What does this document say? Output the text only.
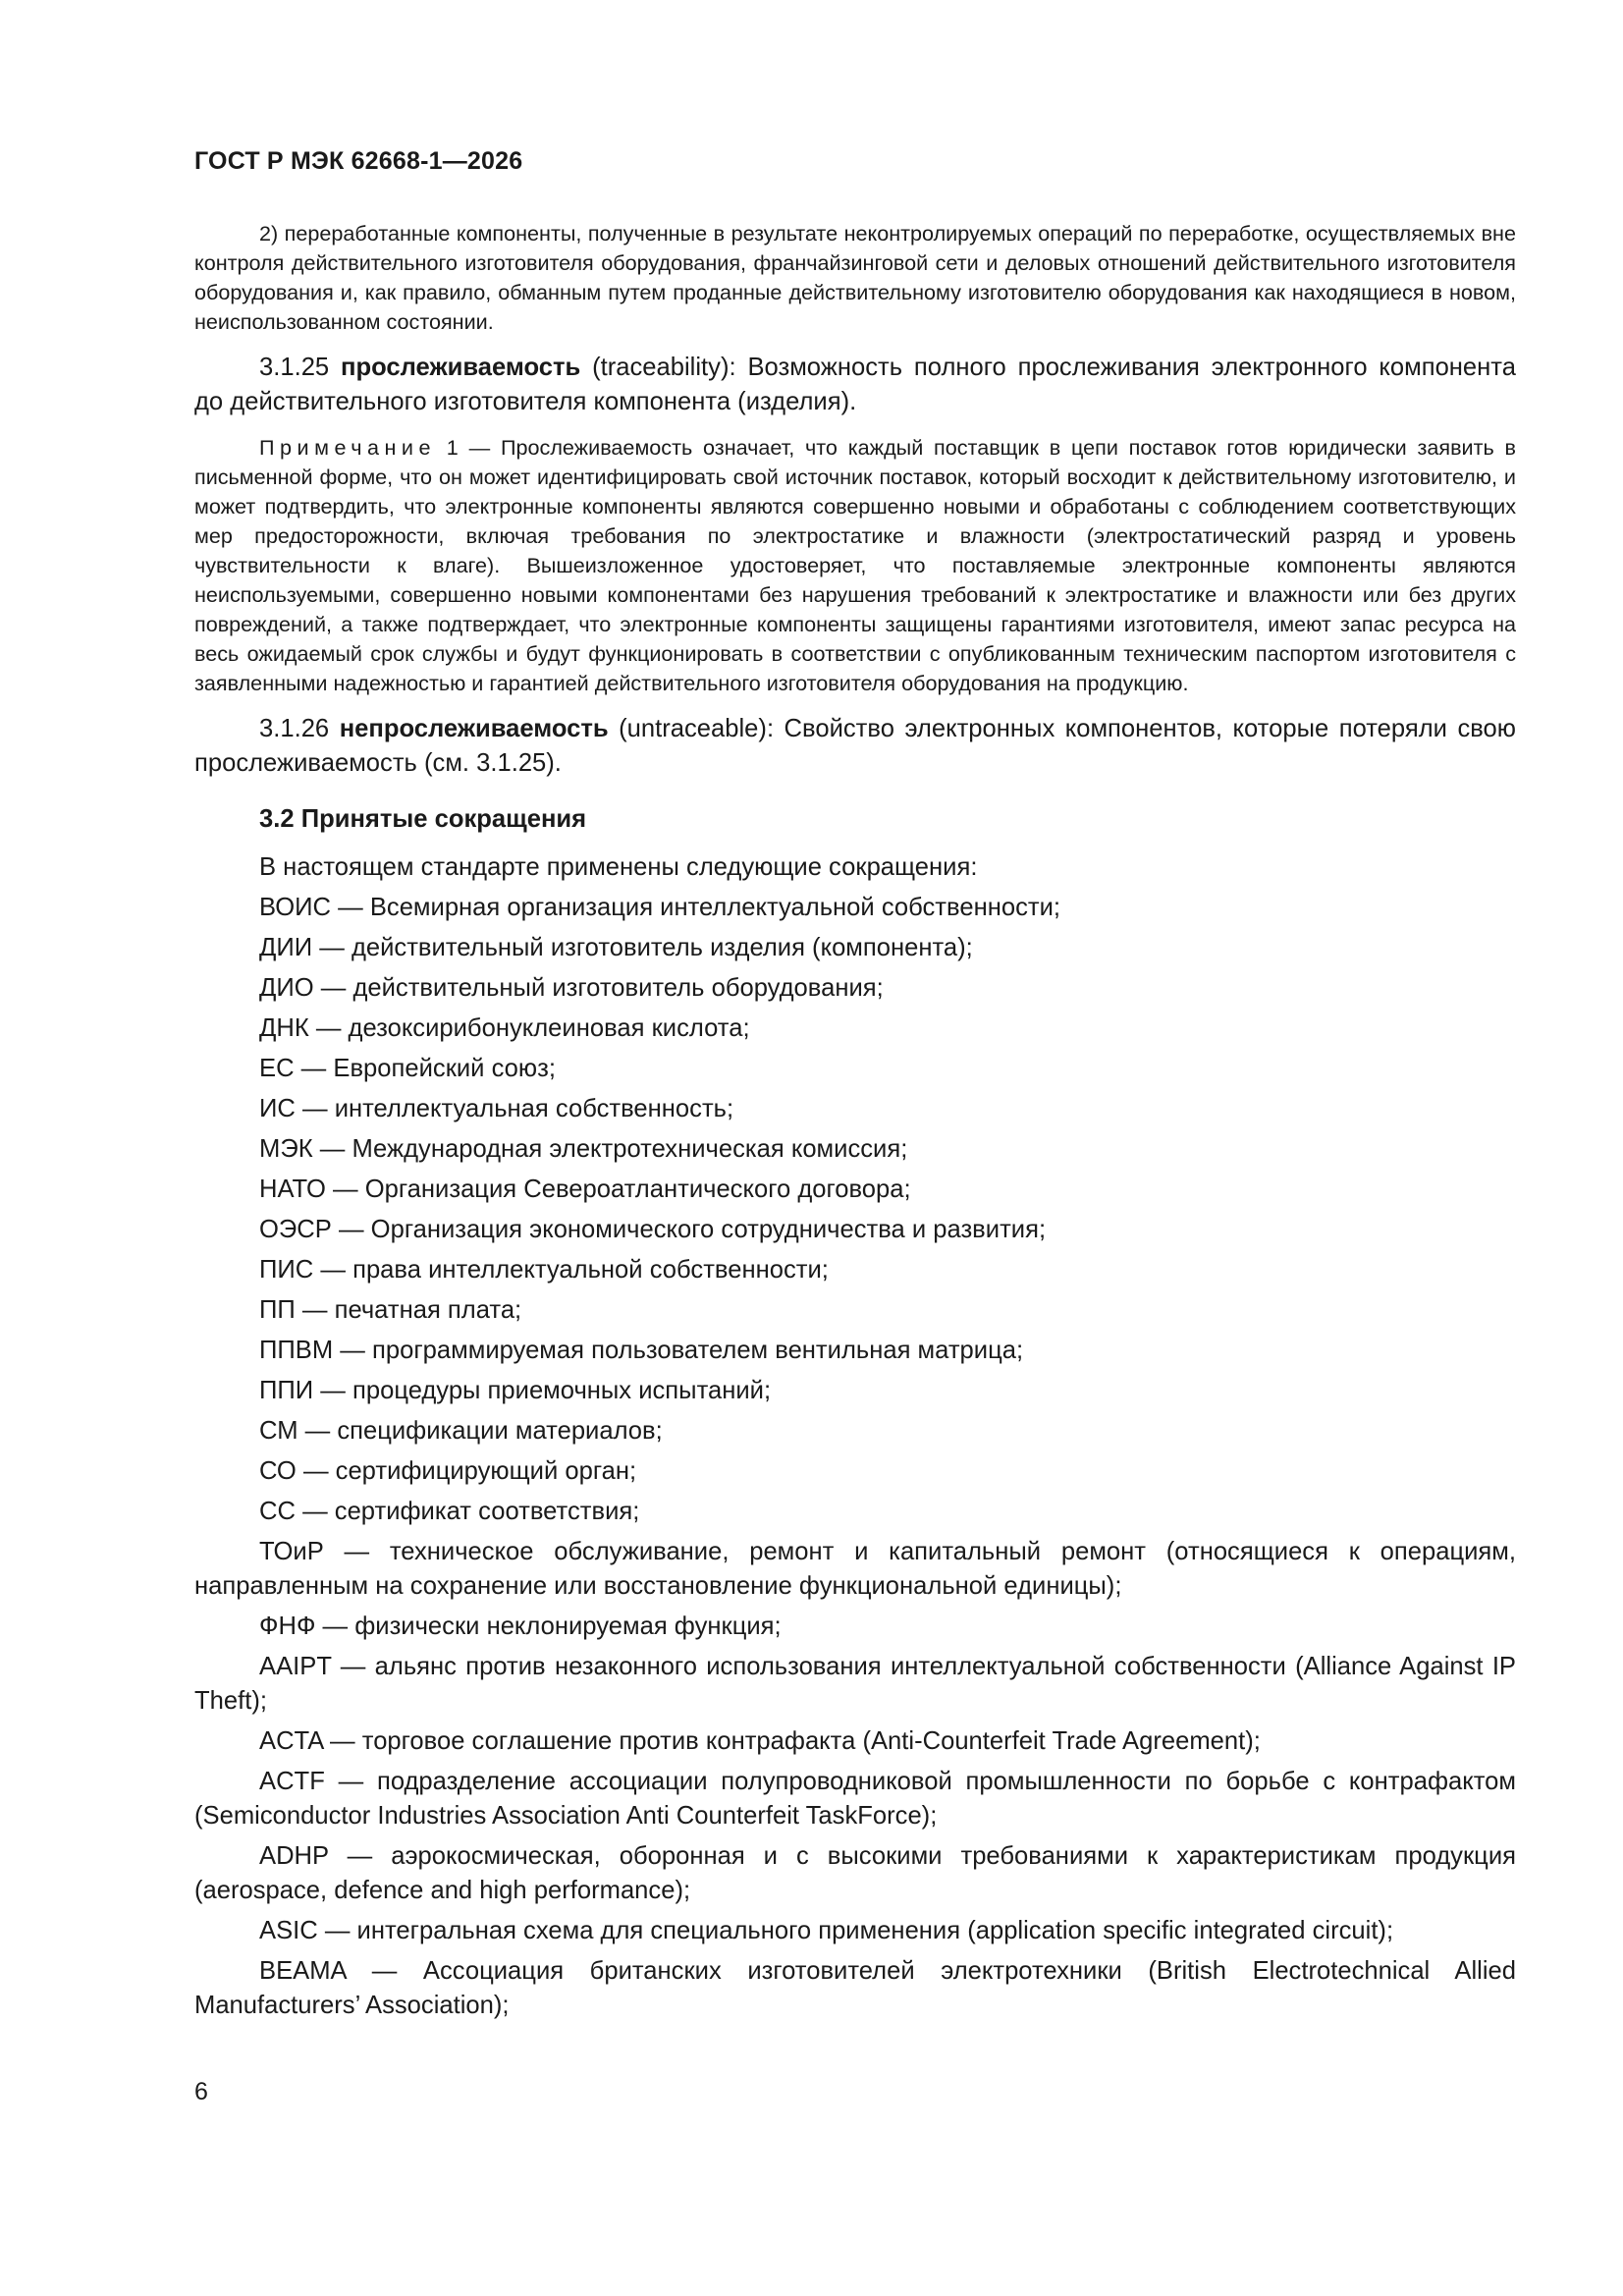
ГОСТ Р МЭК 62668-1—2026

2) переработанные компоненты, полученные в результате неконтролируемых операций по переработке, осуществляемых вне контроля действительного изготовителя оборудования, франчайзинговой сети и деловых отношений действительного изготовителя оборудования и, как правило, обманным путем проданные действительному изготовителю оборудования как находящиеся в новом, неиспользованном состоянии.

3.1.25 прослеживаемость (traceability): Возможность полного прослеживания электронного компонента до действительного изготовителя компонента (изделия).

Примечание 1 — Прослеживаемость означает, что каждый поставщик в цепи поставок готов юридически заявить в письменной форме, что он может идентифицировать свой источник поставок, который восходит к действительному изготовителю, и может подтвердить, что электронные компоненты являются совершенно новыми и обработаны с соблюдением соответствующих мер предосторожности, включая требования по электростатике и влажности (электростатический разряд и уровень чувствительности к влаге). Вышеизложенное удостоверяет, что поставляемые электронные компоненты являются неиспользуемыми, совершенно новыми компонентами без нарушения требований к электростатике и влажности или без других повреждений, а также подтверждает, что электронные компоненты защищены гарантиями изготовителя, имеют запас ресурса на весь ожидаемый срок службы и будут функционировать в соответствии с опубликованным техническим паспортом изготовителя с заявленными надежностью и гарантией действительного изготовителя оборудования на продукцию.

3.1.26 непрослеживаемость (untraceable): Свойство электронных компонентов, которые потеряли свою прослеживаемость (см. 3.1.25).

3.2 Принятые сокращения
В настоящем стандарте применены следующие сокращения:
ВОИС — Всемирная организация интеллектуальной собственности;
ДИИ — действительный изготовитель изделия (компонента);
ДИО — действительный изготовитель оборудования;
ДНК — дезоксирибонуклеиновая кислота;
ЕС — Европейский союз;
ИС — интеллектуальная собственность;
МЭК — Международная электротехническая комиссия;
НАТО — Организация Североатлантического договора;
ОЭСР — Организация экономического сотрудничества и развития;
ПИС — права интеллектуальной собственности;
ПП — печатная плата;
ППВМ — программируемая пользователем вентильная матрица;
ППИ — процедуры приемочных испытаний;
СМ — спецификации материалов;
СО — сертифицирующий орган;
СС — сертификат соответствия;
ТОиР — техническое обслуживание, ремонт и капитальный ремонт (относящиеся к операциям, направленным на сохранение или восстановление функциональной единицы);
ФНФ — физически неклонируемая функция;
AAIPT — альянс против незаконного использования интеллектуальной собственности (Alliance Against IP Theft);
ACTA — торговое соглашение против контрафакта (Anti-Counterfeit Trade Agreement);
ACTF — подразделение ассоциации полупроводниковой промышленности по борьбе с контрафактом (Semiconductor Industries Association Anti Counterfeit TaskForce);
ADHP — аэрокосмическая, оборонная и с высокими требованиями к характеристикам продукция (aerospace, defence and high performance);
ASIC — интегральная схема для специального применения (application specific integrated circuit);
BEAMA — Ассоциация британских изготовителей электротехники (British Electrotechnical Allied Manufacturers’ Association);
6
